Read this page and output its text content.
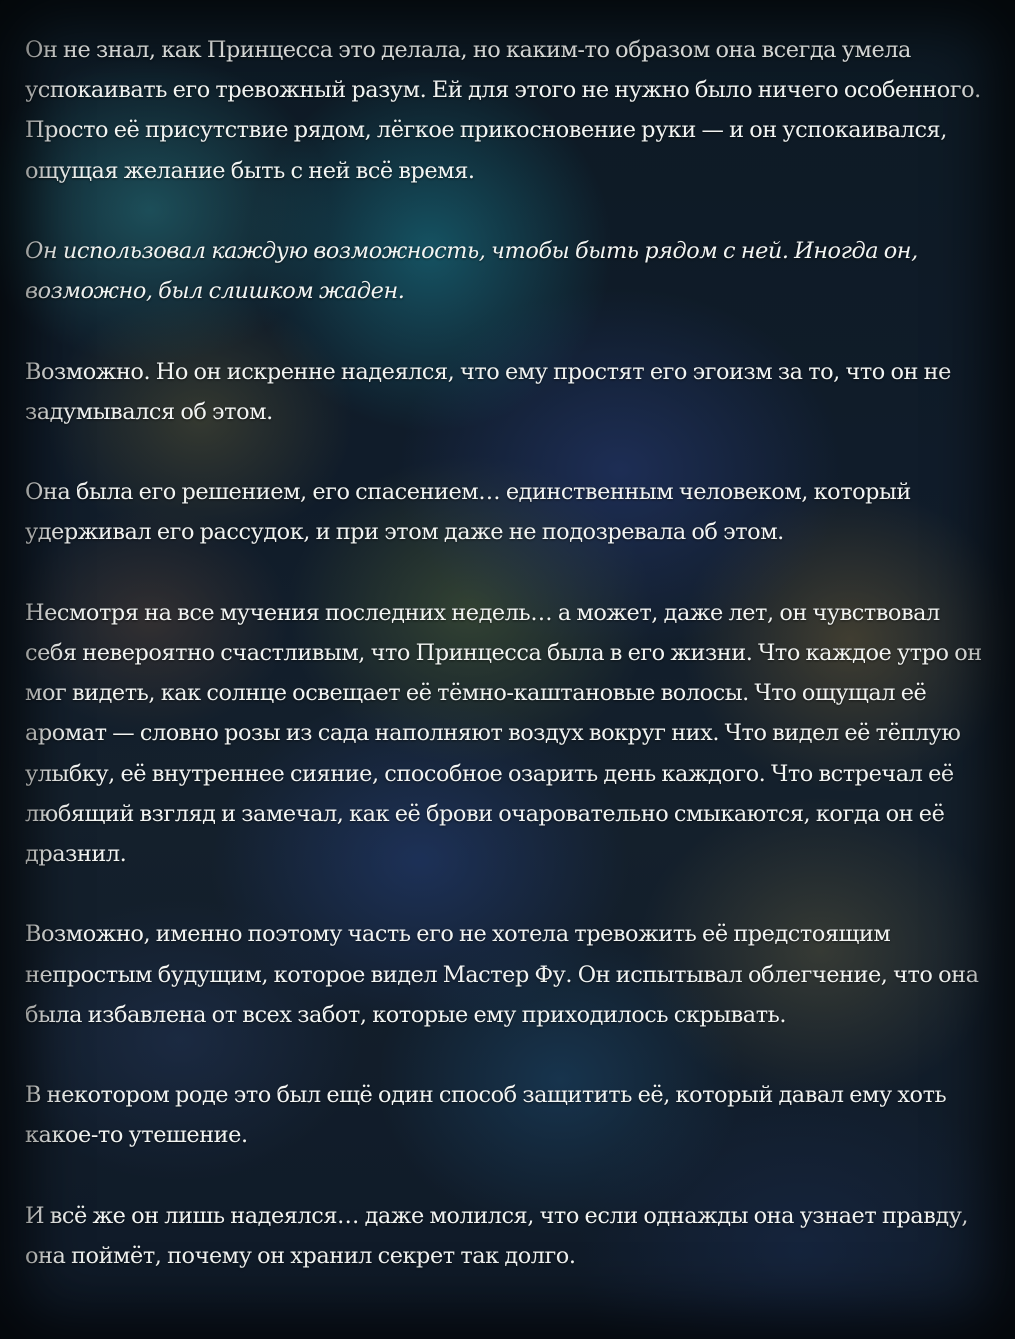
Он не знал, как Принцесса это делала, но каким-то образом она всегда умела успокаивать его тревожный разум. Ей для этого не нужно было ничего особенного. Просто её присутствие рядом, лёгкое прикосновение руки — и он успокаивался, ощущая желание быть с ней всё время.

Он использовал каждую возможность, чтобы быть рядом с ней. Иногда он, возможно, был слишком жаден.

Возможно. Но он искренне надеялся, что ему простят его эгоизм за то, что он не задумывался об этом.

Она была его решением, его спасением… единственным человеком, который удерживал его рассудок, и при этом даже не подозревала об этом.

Несмотря на все мучения последних недель… а может, даже лет, он чувствовал себя невероятно счастливым, что Принцесса была в его жизни. Что каждое утро он мог видеть, как солнце освещает её тёмно-каштановые волосы. Что ощущал её аромат — словно розы из сада наполняют воздух вокруг них. Что видел её тёплую улыбку, её внутреннее сияние, способное озарить день каждого. Что встречал её любящий взгляд и замечал, как её брови очаровательно смыкаются, когда он её дразнил.

Возможно, именно поэтому часть его не хотела тревожить её предстоящим непростым будущим, которое видел Мастер Фу. Он испытывал облегчение, что она была избавлена от всех забот, которые ему приходилось скрывать.

В некотором роде это был ещё один способ защитить её, который давал ему хоть какое-то утешение.

И всё же он лишь надеялся… даже молился, что если однажды она узнает правду, она поймёт, почему он хранил секрет так долго.
